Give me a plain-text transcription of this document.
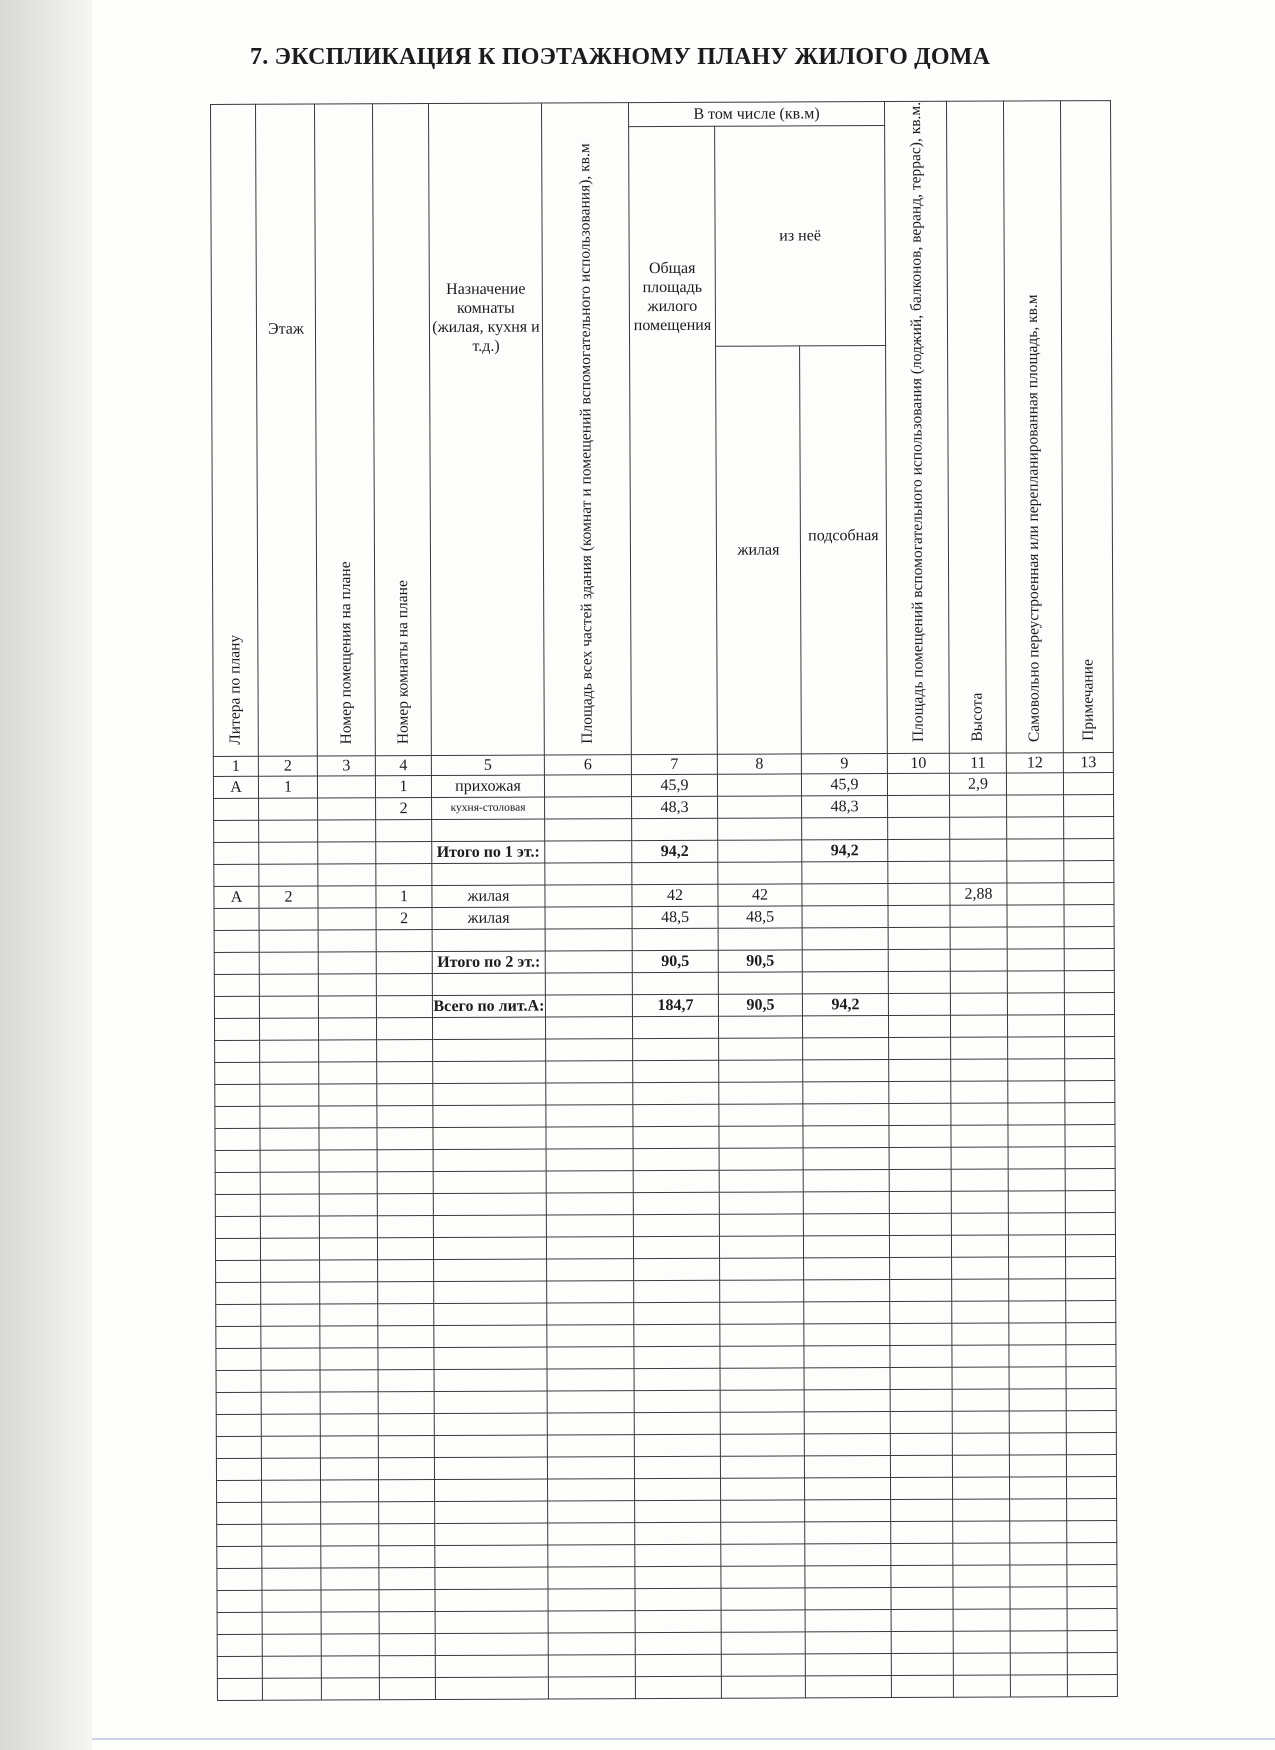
7. ЭКСПЛИКАЦИЯ К ПОЭТАЖНОМУ ПЛАНУ ЖИЛОГО ДОМА
Литера по плану	Этаж	Номер помещения на плане	Номер комнаты на плане	Назначение комнаты (жилая, кухня и т.д.)	Площадь всех частей здания (комнат и помещений вспомогательного использования), кв.м	В том числе (кв.м)			Площадь помещений вспомогательного использования (лоджий, балконов, веранд, террас), кв.м.	Высота	Самовольно переустроенная или перепланированная площадь, кв.м	Примечание
						Общая площадь жилого помещения	из неё					
							жилая	подсобная				
1	2	3	4	5	6	7	8	9	10	11	12	13
А	1		1	прихожая		45,9		45,9		2,9		
			2	кухня-столовая		48,3		48,3				

				Итого по 1 эт.:		94,2		94,2				

А	2		1	жилая		42	42			2,88		
			2	жилая		48,5	48,5					

				Итого по 2 эт.:		90,5	90,5					

				Всего по лит.А:		184,7	90,5	94,2				
